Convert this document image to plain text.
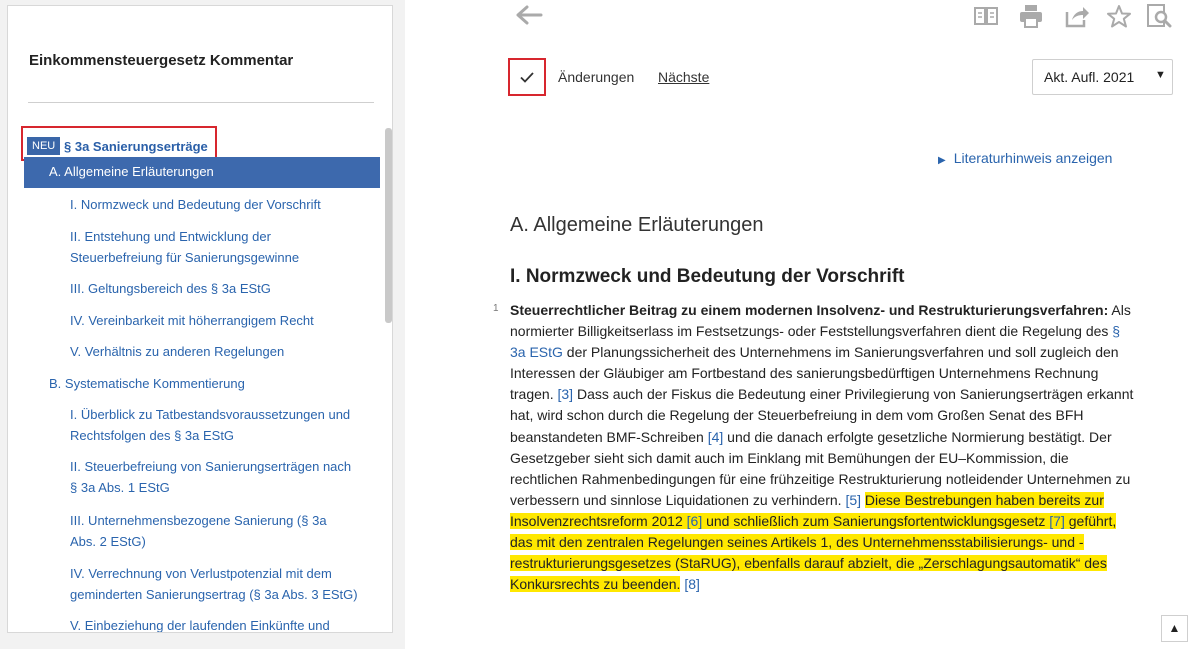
Einkommensteuergesetz Kommentar
NEU § 3a Sanierungserträge
A. Allgemeine Erläuterungen
I. Normzweck und Bedeutung der Vorschrift
II. Entstehung und Entwicklung der
Steuerbefreiung für Sanierungsgewinne
III. Geltungsbereich des § 3a EStG
IV. Vereinbarkeit mit höherrangigem Recht
V. Verhältnis zu anderen Regelungen
B. Systematische Kommentierung
I. Überblick zu Tatbestandsvoraussetzungen und
Rechtsfolgen des § 3a EStG
II. Steuerbefreiung von Sanierungserträgen nach
§ 3a Abs. 1 EStG
III. Unternehmensbezogene Sanierung (§ 3a
Abs. 2 EStG)
IV. Verrechnung von Verlustpotenzial mit dem
geminderten Sanierungsertrag (§ 3a Abs. 3 EStG)
V. Einbeziehung der laufenden Einkünfte und
Änderungen Nächste	Akt. Aufl. 2021 ▼
▶ Literaturhinweis anzeigen
A. Allgemeine Erläuterungen
I. Normzweck und Bedeutung der Vorschrift
1 Steuerrechtlicher Beitrag zu einem modernen Insolvenz- und Restrukturierungsverfahren: Als normierter Billigkeitserlass im Festsetzungs- oder Feststellungsverfahren dient die Regelung des § 3a EStG der Planungssicherheit des Unternehmens im Sanierungsverfahren und soll zugleich den Interessen der Gläubiger am Fortbestand des sanierungsbedürftigen Unternehmens Rechnung tragen. [3] Dass auch der Fiskus die Bedeutung einer Privilegierung von Sanierungserträgen erkannt hat, wird schon durch die Regelung der Steuerbefreiung in dem vom Großen Senat des BFH beanstandeten BMF-Schreiben [4] und die danach erfolgte gesetzliche Normierung bestätigt. Der Gesetzgeber sieht sich damit auch im Einklang mit Bemühungen der EU–Kommission, die rechtlichen Rahmenbedingungen für eine frühzeitige Restrukturierung notleidender Unternehmen zu verbessern und sinnlose Liquidationen zu verhindern. [5] Diese Bestrebungen haben bereits zur Insolvenzrechtsreform 2012 [6] und schließlich zum Sanierungsfortentwicklungsgesetz [7] geführt, das mit den zentralen Regelungen seines Artikels 1, des Unternehmensstabilisierungs- und -restrukturierungsgesetzes (StaRUG), ebenfalls darauf abzielt, die „Zerschlagungsautomatik“ des Konkursrechts zu beenden. [8]
▲
